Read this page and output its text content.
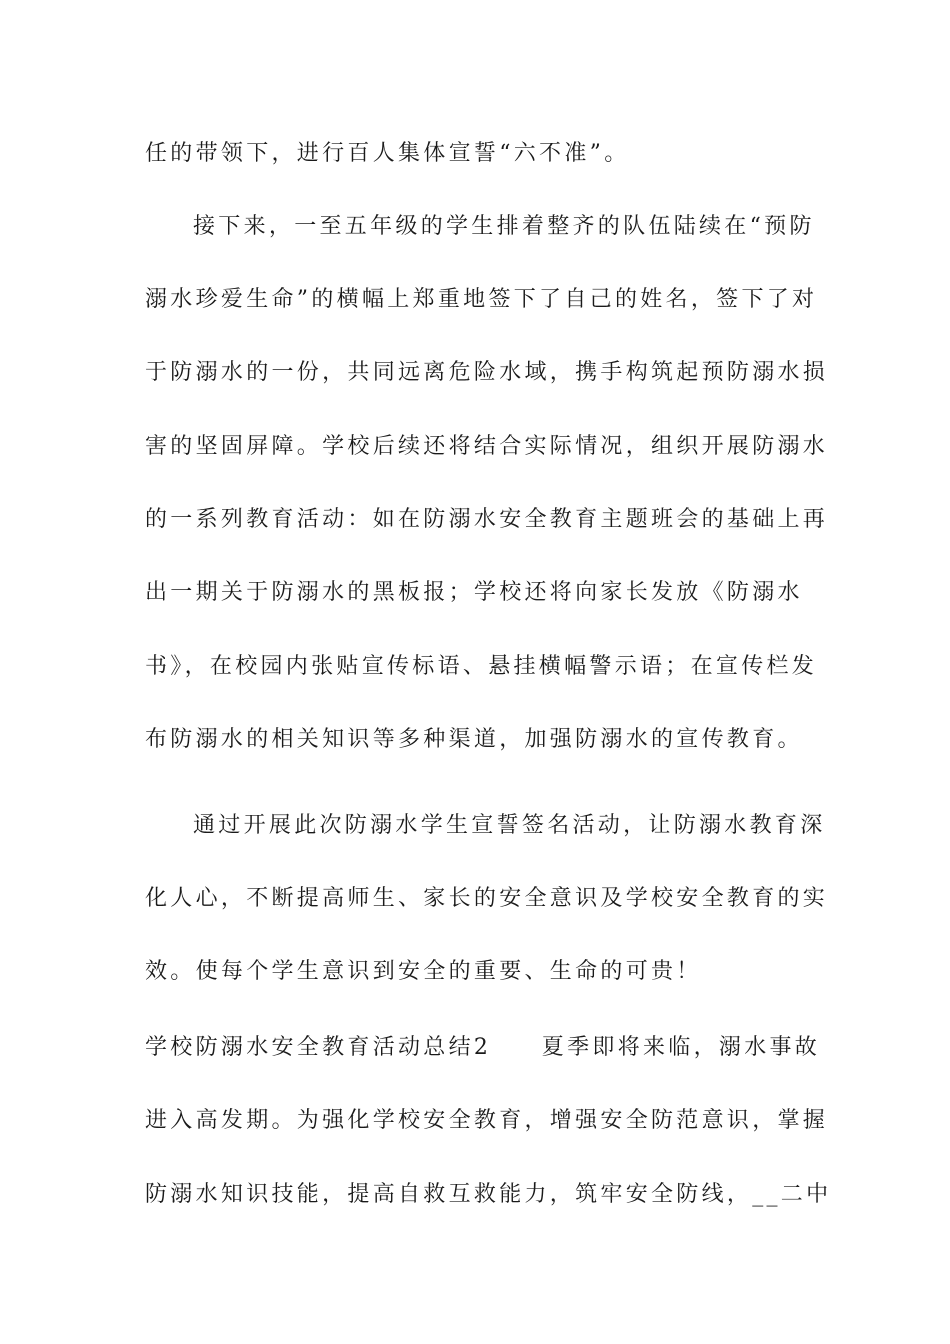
任的带领下，进行百人集体宣誓“六不准”。
接下来，一至五年级的学生排着整齐的队伍陆续在“预防
溺水珍爱生命”的横幅上郑重地签下了自己的姓名，签下了对
于防溺水的一份，共同远离危险水域，携手构筑起预防溺水损
害的坚固屏障。学校后续还将结合实际情况，组织开展防溺水
的一系列教育活动：如在防溺水安全教育主题班会的基础上再
出一期关于防溺水的黑板报；学校还将向家长发放《防溺水
书》，在校园内张贴宣传标语、悬挂横幅警示语；在宣传栏发
布防溺水的相关知识等多种渠道，加强防溺水的宣传教育。
通过开展此次防溺水学生宣誓签名活动，让防溺水教育深
化人心，不断提高师生、家长的安全意识及学校安全教育的实
效。使每个学生意识到安全的重要、生命的可贵！
学校防溺水安全教育活动总结2　　夏季即将来临，溺水事故
进入高发期。为强化学校安全教育，增强安全防范意识，掌握
防溺水知识技能，提高自救互救能力，筑牢安全防线，__二中
